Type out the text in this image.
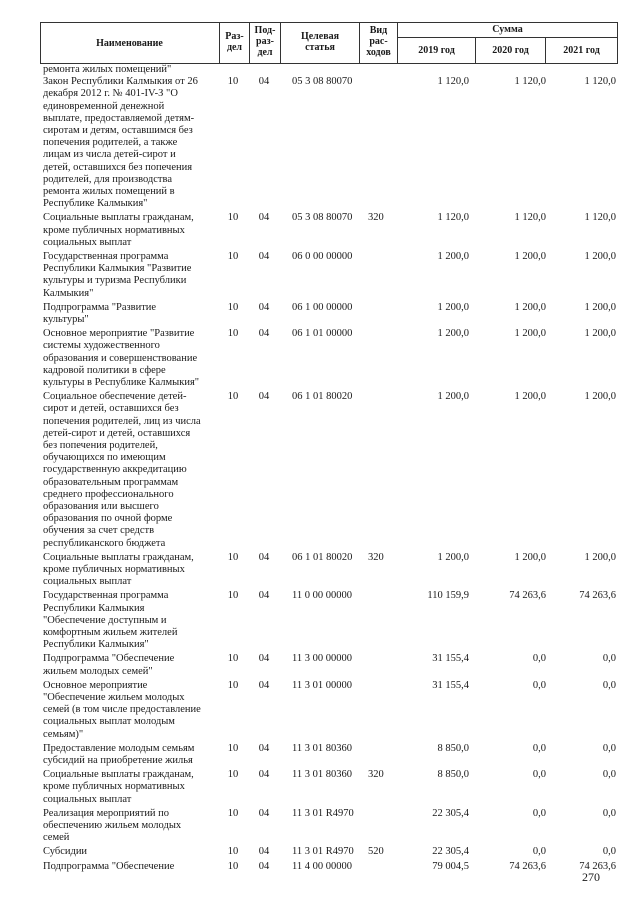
Наименование
Раз-
дел
Под-
раз-
дел
Целевая
статья
Вид
рас-
ходов
Сумма
2019 год	2020 год	2021 год
ремонта жилых помещений"
Закон Республики Калмыкия от 26
декабря 2012 г. № 401-IV-З "О
единовременной денежной
выплате, предоставляемой детям-
сиротам и детям, оставшимся без
попечения родителей, а также
лицам из числа детей-сирот и
детей, оставшихся без попечения
родителей, для производства
ремонта жилых помещений в
Республике Калмыкия"
10	04	05 3 08 80070	1 120,0	1 120,0	1 120,0
Социальные выплаты гражданам,
кроме публичных нормативных
социальных выплат
10	04	05 3 08 80070	320	1 120,0	1 120,0	1 120,0
Государственная программа
Республики Калмыкия "Развитие
культуры и туризма Республики
Калмыкия"
10	04	06 0 00 00000	1 200,0	1 200,0	1 200,0
Подпрограмма "Развитие
культуры"
10	04	06 1 00 00000	1 200,0	1 200,0	1 200,0
Основное мероприятие "Развитие
системы художественного
образования и совершенствование
кадровой политики в сфере
культуры в Республике Калмыкия"
10	04	06 1 01 00000	1 200,0	1 200,0	1 200,0
Социальное обеспечение детей-
сирот и детей, оставшихся без
попечения родителей, лиц из числа
детей-сирот и детей, оставшихся
без попечения родителей,
обучающихся по имеющим
государственную аккредитацию
образовательным программам
среднего профессионального
образования или высшего
образования по очной форме
обучения за счет средств
республиканского бюджета
10	04	06 1 01 80020	1 200,0	1 200,0	1 200,0
Социальные выплаты гражданам,
кроме публичных нормативных
социальных выплат
10	04	06 1 01 80020	320	1 200,0	1 200,0	1 200,0
Государственная программа
Республики Калмыкия
"Обеспечение доступным и
комфортным жильем жителей
Республики Калмыкия"
10	04	11 0 00 00000	110 159,9	74 263,6	74 263,6
Подпрограмма "Обеспечение
жильем молодых семей"
10	04	11 3 00 00000	31 155,4	0,0	0,0
Основное мероприятие
"Обеспечение жильем молодых
семей (в том числе предоставление
социальных выплат молодым
семьям)"
10	04	11 3 01 00000	31 155,4	0,0	0,0
Предоставление молодым семьям
субсидий на приобретение жилья
10	04	11 3 01 80360	8 850,0	0,0	0,0
Социальные выплаты гражданам,
кроме публичных нормативных
социальных выплат
10	04	11 3 01 80360	320	8 850,0	0,0	0,0
Реализация мероприятий по
обеспечению жильем молодых
семей
10	04	11 3 01 R4970	22 305,4	0,0	0,0
Субсидии	10	04	11 3 01 R4970	520	22 305,4	0,0	0,0
Подпрограмма "Обеспечение	10	04	11 4 00 00000	79 004,5	74 263,6	74 263,6
270
